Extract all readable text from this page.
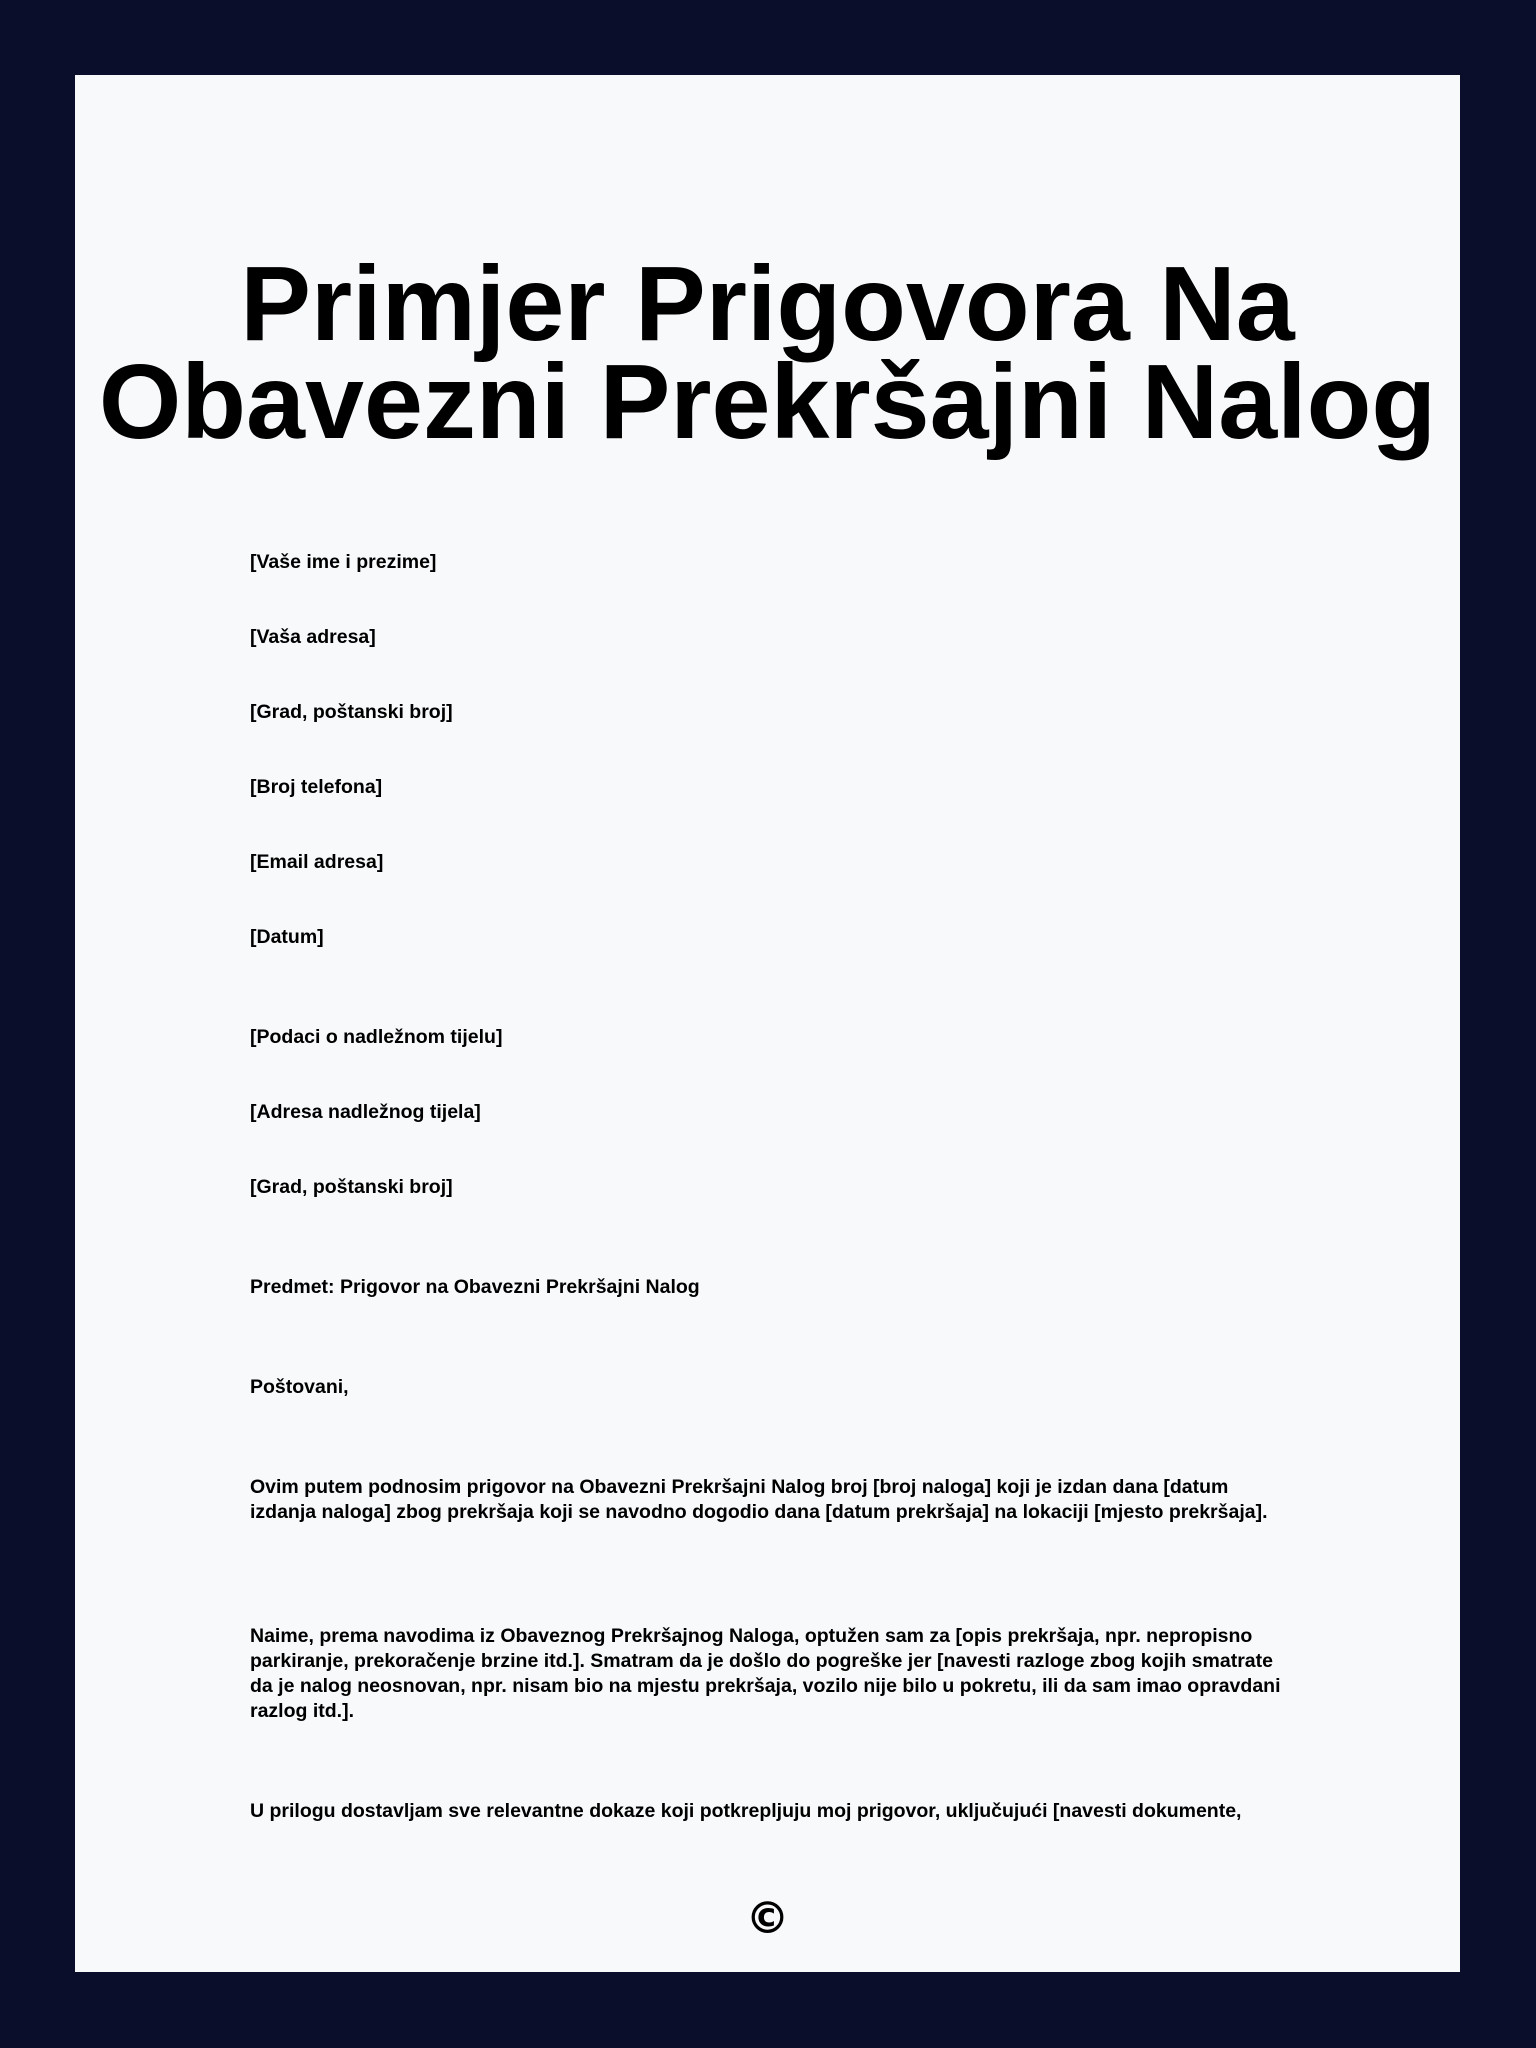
Primjer Prigovora Na
Obavezni Prekršajni Nalog

[Vaše ime i prezime]

[Vaša adresa]

[Grad, poštanski broj]

[Broj telefona]

[Email adresa]

[Datum]

[Podaci o nadležnom tijelu]

[Adresa nadležnog tijela]

[Grad, poštanski broj]

Predmet: Prigovor na Obavezni Prekršajni Nalog

Poštovani,

Ovim putem podnosim prigovor na Obavezni Prekršajni Nalog broj [broj naloga] koji je izdan dana [datum izdanja naloga] zbog prekršaja koji se navodno dogodio dana [datum prekršaja] na lokaciji [mjesto prekršaja].

Naime, prema navodima iz Obaveznog Prekršajnog Naloga, optužen sam za [opis prekršaja, npr. nepropisno parkiranje, prekoračenje brzine itd.]. Smatram da je došlo do pogreške jer [navesti razloge zbog kojih smatrate da je nalog neosnovan, npr. nisam bio na mjestu prekršaja, vozilo nije bilo u pokretu, ili da sam imao opravdani razlog itd.].

U prilogu dostavljam sve relevantne dokaze koji potkrepljuju moj prigovor, uključujući [navesti dokumente,

©
